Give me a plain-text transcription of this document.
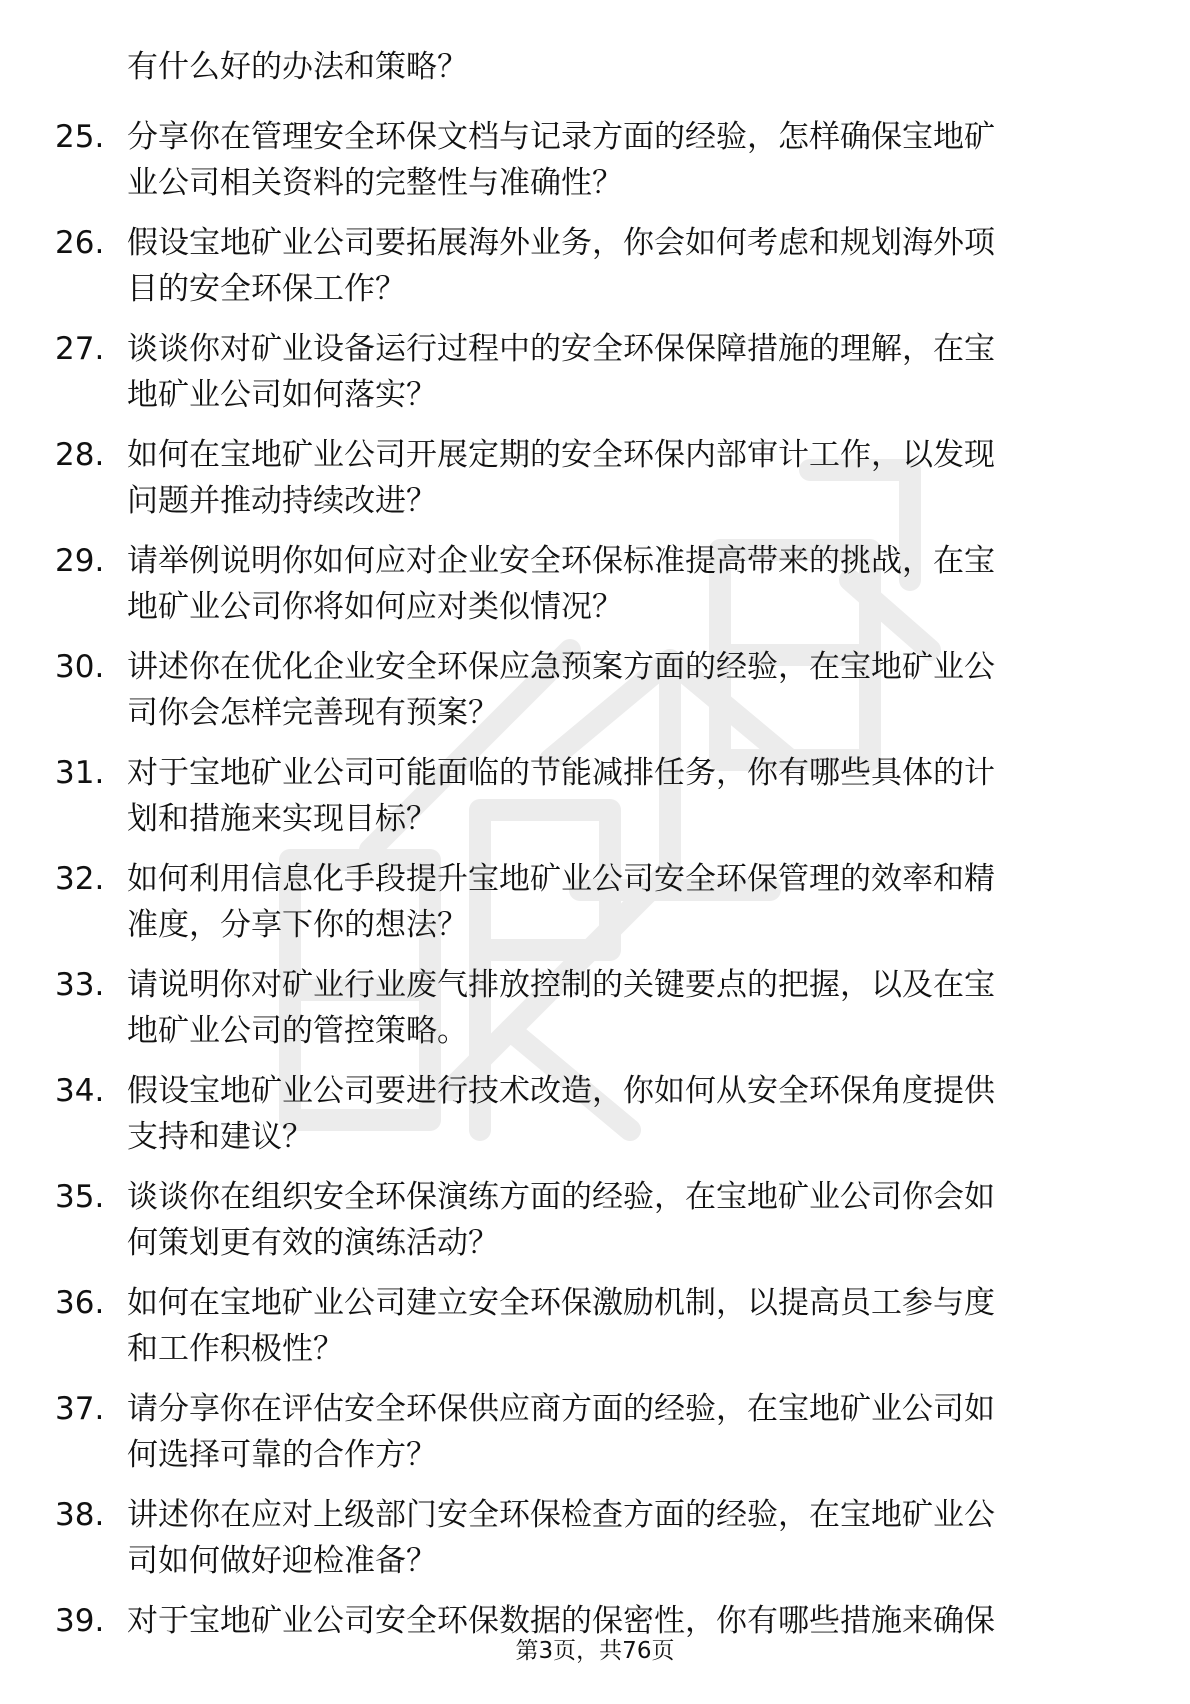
有什么好的办法和策略？
25. 分享你在管理安全环保文档与记录方面的经验，怎样确保宝地矿
业公司相关资料的完整性与准确性？
26. 假设宝地矿业公司要拓展海外业务，你会如何考虑和规划海外项
目的安全环保工作？
27. 谈谈你对矿业设备运行过程中的安全环保保障措施的理解，在宝
地矿业公司如何落实？
28. 如何在宝地矿业公司开展定期的安全环保内部审计工作，以发现
问题并推动持续改进？
29. 请举例说明你如何应对企业安全环保标准提高带来的挑战，在宝
地矿业公司你将如何应对类似情况？
30. 讲述你在优化企业安全环保应急预案方面的经验，在宝地矿业公
司你会怎样完善现有预案？
31. 对于宝地矿业公司可能面临的节能减排任务，你有哪些具体的计
划和措施来实现目标？
32. 如何利用信息化手段提升宝地矿业公司安全环保管理的效率和精
准度，分享下你的想法？
33. 请说明你对矿业行业废气排放控制的关键要点的把握，以及在宝
地矿业公司的管控策略。
34. 假设宝地矿业公司要进行技术改造，你如何从安全环保角度提供
支持和建议？
35. 谈谈你在组织安全环保演练方面的经验，在宝地矿业公司你会如
何策划更有效的演练活动？
36. 如何在宝地矿业公司建立安全环保激励机制，以提高员工参与度
和工作积极性？
37. 请分享你在评估安全环保供应商方面的经验，在宝地矿业公司如
何选择可靠的合作方？
38. 讲述你在应对上级部门安全环保检查方面的经验，在宝地矿业公
司如何做好迎检准备？
39. 对于宝地矿业公司安全环保数据的保密性，你有哪些措施来确保
第3页，共76页
